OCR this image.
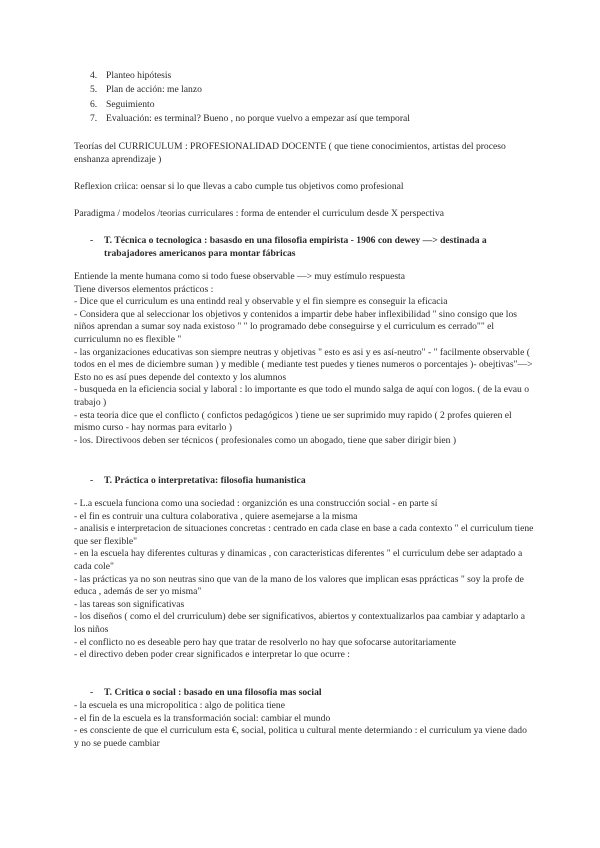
4. Planteo hipótesis
5. Plan de acción: me lanzo
6. Seguimiento
7. Evaluación: es terminal? Bueno , no porque vuelvo a empezar así que temporal

Teorías del CURRICULUM : PROFESIONALIDAD DOCENTE ( que tiene conocimientos, artistas del proceso enshanza aprendizaje )

Reflexion crìica: oensar si lo que llevas a cabo cumple tus objetivos como profesional

Paradigma / modelos /teorias curriculares : forma de entender el curriculum desde X perspectiva

-	T. Técnica o tecnologica : basasdo en una filosofia empirista - 1906 con dewey —> destinada a trabajadores americanos para montar fábricas
Entiende la mente humana como si todo fuese observable —> muy estímulo respuesta
Tiene diversos elementos prácticos :
- Dice que el curriculum es una entindd real y observable y el fin siempre es conseguir la eficacia
- Considera que al seleccionar los objetivos y contenidos a impartir debe haber inflexibilidad " sino consigo que los niños aprendan a sumar soy nada existoso " " lo programado debe conseguirse y el curriculum es cerrado"" el curriculumn no es flexible "
- las organizaciones educativas son siempre neutras y objetivas " esto es asi y es así-neutro" - " facilmente observable ( todos en el mes de diciembre suman ) y medible ( mediante test puedes y tienes numeros o porcentajes )- obejtivas"—> Esto no es así pues depende del contexto y los alumnos
- busqueda en la eficiencia social y laboral : lo importante es que todo el mundo salga de aquí con logos. ( de la evau o trabajo )
- esta teoria dice que el conflicto ( confictos pedagógicos ) tiene ue ser suprimido muy rapido ( 2 profes quieren el mismo curso - hay normas para evitarlo )
- los. Directivoos deben ser técnicos ( profesionales como un abogado, tiene que saber dirigir bien )
-	T. Práctica o interpretativa: filosofia humanistica
- L.a escuela funciona como una sociedad : organizción es una construcción social - en parte sí
- el fin es contruir una cultura colaborativa , quiere asemejarse a la misma
- analisis e interpretacion de situaciones concretas : centrado en cada clase en base a cada contexto " el curriculum tiene que ser flexible"
- en la escuela hay diferentes culturas y dinamicas , con caracteristicas diferentes " el curriculum debe ser adaptado a cada cole"
- las prácticas ya no son neutras sino que van de la mano de los valores que implican esas pprácticas " soy la profe de educa , además de ser yo misma"
- las tareas son significativas
- los diseños ( como el del crurriculum) debe ser significativos, abiertos y contextualizarlos paa cambiar y adaptarlo a los niños
- el conflicto no es deseable pero hay que tratar de resolverlo no hay que sofocarse autoritariamente
- el directivo deben poder crear significados e interpretar lo que ocurre :
-	T. Critica o social : basado en una filosofia mas social
- la escuela es una micropolitica : algo de politica tiene
- el fin de la escuela es la transformación social: cambiar el mundo
- es consciente de que el curriculum esta €, social, politica u cultural mente determiando : el curriculum ya viene dado y no se puede cambiar
